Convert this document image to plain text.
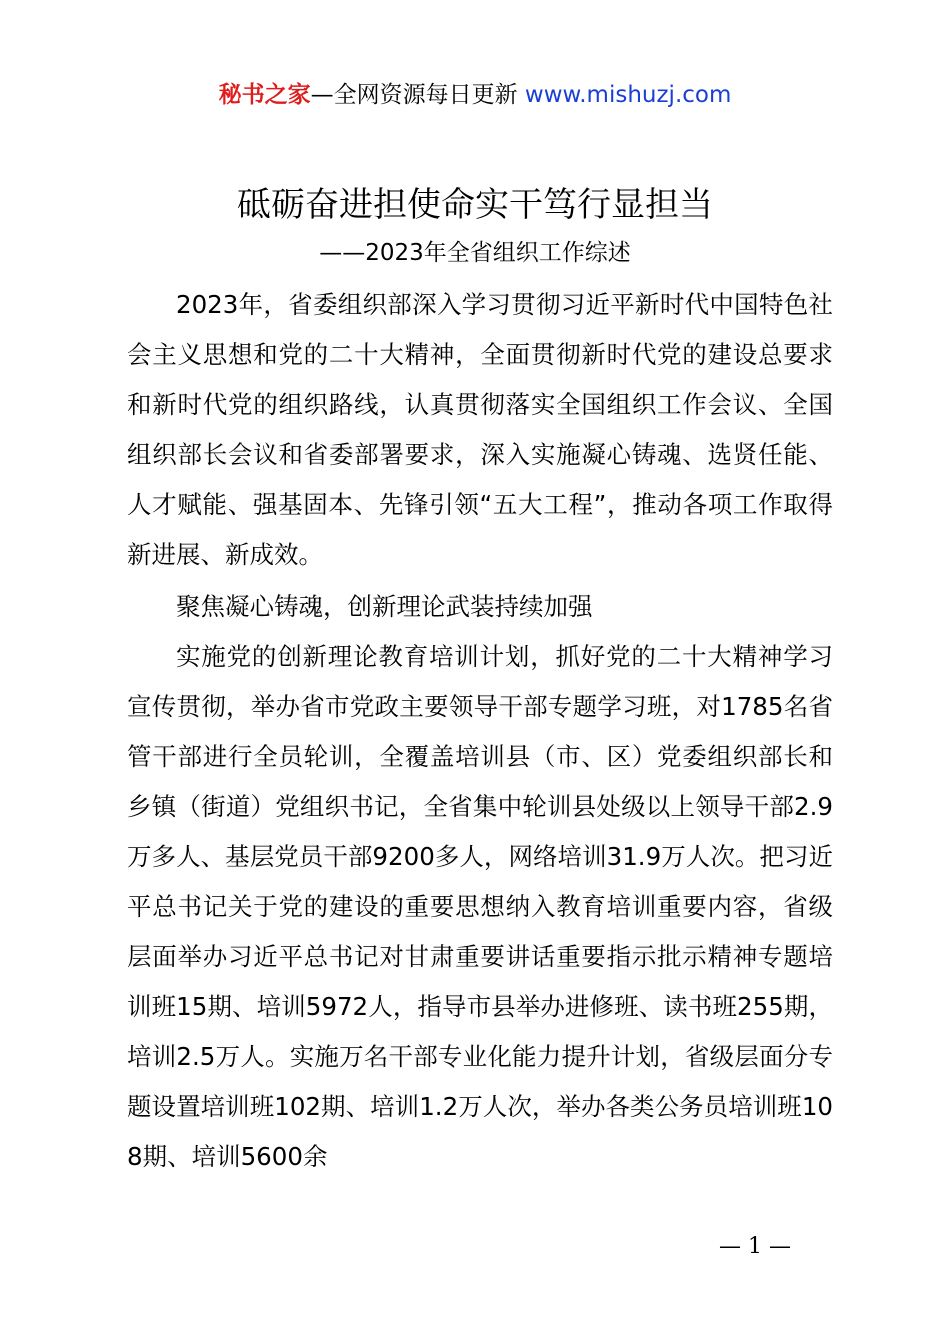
秘书之家—全网资源每日更新 www.mishuzj.com
砥砺奋进担使命实干笃行显担当
——2023年全省组织工作综述

2023年，省委组织部深入学习贯彻习近平新时代中国特色社会主义思想和党的二十大精神，全面贯彻新时代党的建设总要求和新时代党的组织路线，认真贯彻落实全国组织工作会议、全国组织部长会议和省委部署要求，深入实施凝心铸魂、选贤任能、人才赋能、强基固本、先锋引领“五大工程”，推动各项工作取得新进展、新成效。

聚焦凝心铸魂，创新理论武装持续加强

实施党的创新理论教育培训计划，抓好党的二十大精神学习宣传贯彻，举办省市党政主要领导干部专题学习班，对1785名省管干部进行全员轮训，全覆盖培训县（市、区）党委组织部长和乡镇（街道）党组织书记，全省集中轮训县处级以上领导干部2.9万多人、基层党员干部9200多人，网络培训31.9万人次。把习近平总书记关于党的建设的重要思想纳入教育培训重要内容，省级层面举办习近平总书记对甘肃重要讲话重要指示批示精神专题培训班15期、培训5972人，指导市县举办进修班、读书班255期，培训2.5万人。实施万名干部专业化能力提升计划，省级层面分专题设置培训班102期、培训1.2万人次，举办各类公务员培训班108期、培训5600余

— 1 —
